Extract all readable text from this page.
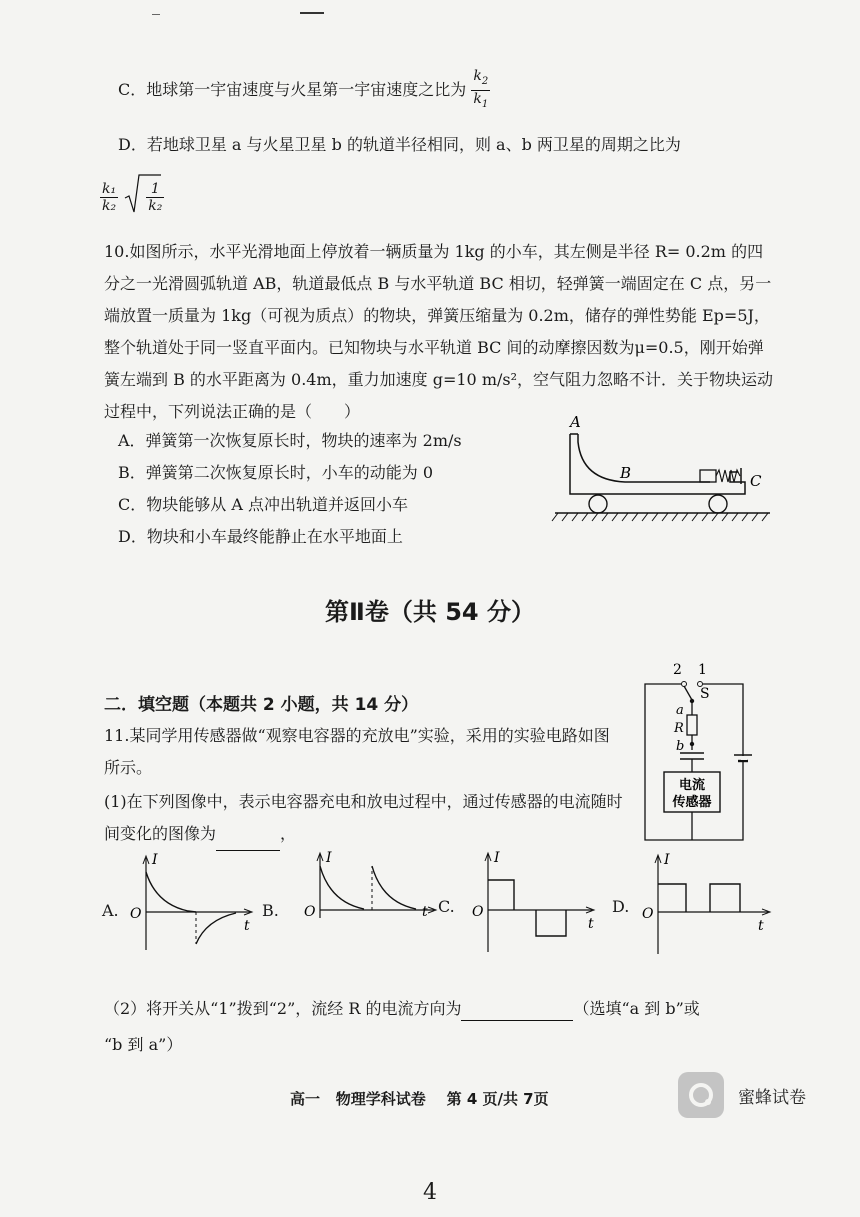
C．地球第一宇宙速度与火星第一宇宙速度之比为 $\frac{k_2}{k_1}$
D．若地球卫星 a 与火星卫星 b 的轨道半径相同，则 a、b 两卫星的周期之比为
$\frac{\text{k₁}}{\text{k₂}}$
$\frac{1}{\text{k₂}}$
10.如图所示，水平光滑地面上停放着一辆质量为 1kg 的小车，其左侧是半径 R= 0.2m 的四分之一光滑圆弧轨道 AB，轨道最低点 B 与水平轨道 BC 相切，轻弹簧一端固定在 C 点，另一端放置一质量为 1kg（可视为质点）的物块，弹簧压缩量为 0.2m，储存的弹性势能 Ep=5J，整个轨道处于同一竖直平面内。已知物块与水平轨道 BC 间的动摩擦因数为μ=0.5，刚开始弹簧左端到 B 的水平距离为 0.4m，重力加速度 g=10 m/s²，空气阻力忽略不计．关于物块运动过程中，下列说法正确的是（　　）
A．弹簧第一次恢复原长时，物块的速率为 2m/s
B．弹簧第二次恢复原长时，小车的动能为 0
C．物块能够从 A 点冲出轨道并返回小车
D．物块和小车最终能静止在水平地面上
A
B	C
第Ⅱ卷（共 54 分）
二．填空题（本题共 2 小题，共 14 分）
11.某同学用传感器做“观察电容器的充放电”实验，采用的实验电路如图所示。
(1)在下列图像中，表示电容器充电和放电过程中，通过传感器的电流随时间变化的图像为	，
2 1
S
a
R
b
电流
传感器
A.
I
O
t
B.
I
O	t C.
I
O
t
D.
I
O
t
（2）将开关从“1”拨到“2”，流经 R 的电流方向为	（选填“a 到 b”或
“b 到 a”）
高一 物理学科试卷 第 4 页/共 7页	蜜蜂试卷
4
